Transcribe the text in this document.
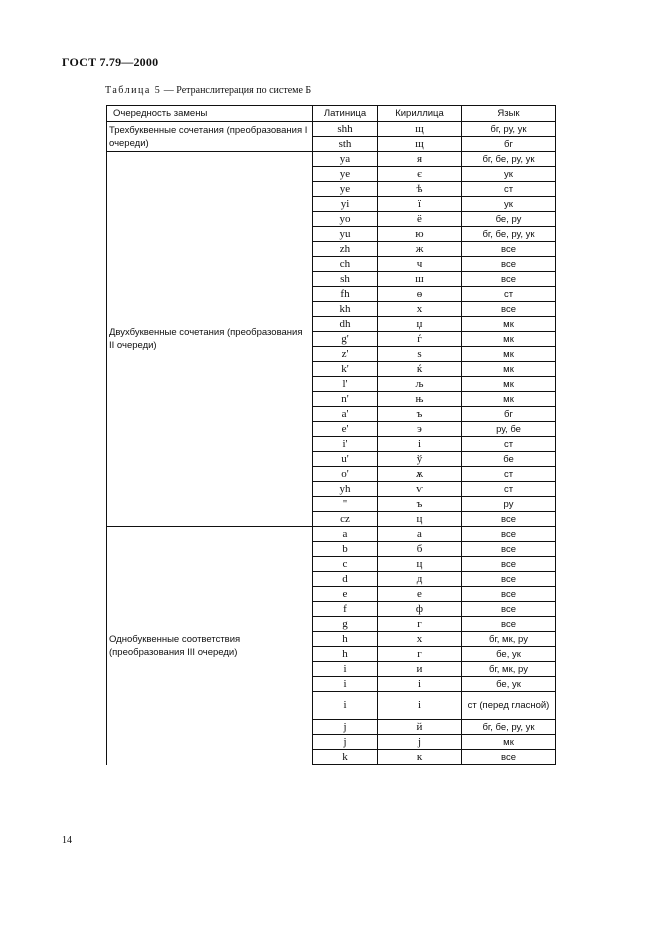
ГОСТ 7.79—2000
Таблица 5 — Ретранслитерация по системе Б
Очередность замены	Латиница	Кириллица	Язык
Трехбуквенные сочетания (преобразования I очереди)	shh	щ	бг, ру, ук
	sth	щ	бг
Двухбуквенные сочетания (преобразования II очереди)	ya	я	бг, бе, ру, ук
	ye	є	ук
	ye	ѣ	ст
	yi	ї	ук
	yo	ё	бе, ру
	yu	ю	бг, бе, ру, ук
	zh	ж	все
	ch	ч	все
	sh	ш	все
	fh	ѳ	ст
	kh	х	все
	dh	џ	мк
	g'	ѓ	мк
	z'	ѕ	мк
	k'	ќ	мк
	l'	љ	мк
	n'	њ	мк
	a'	ъ	бг
	e'	э	ру, бе
	i'	і	ст
	u'	ў	бе
	o'	ѫ	ст
	yh	ѵ	ст
	''	ъ	ру
	cz	ц	все
Однобуквенные соответствия (преобразования III очереди)	a	а	все
	b	б	все
	c	ц	все
	d	д	все
	e	е	все
	f	ф	все
	g	г	все
	h	х	бг, мк, ру
	h	г	бе, ук
	i	и	бг, мк, ру
	i	і	бе, ук
	i	і	ст (перед гласной)
	j	й	бг, бе, ру, ук
	j	ј	мк
	k	к	все
14
